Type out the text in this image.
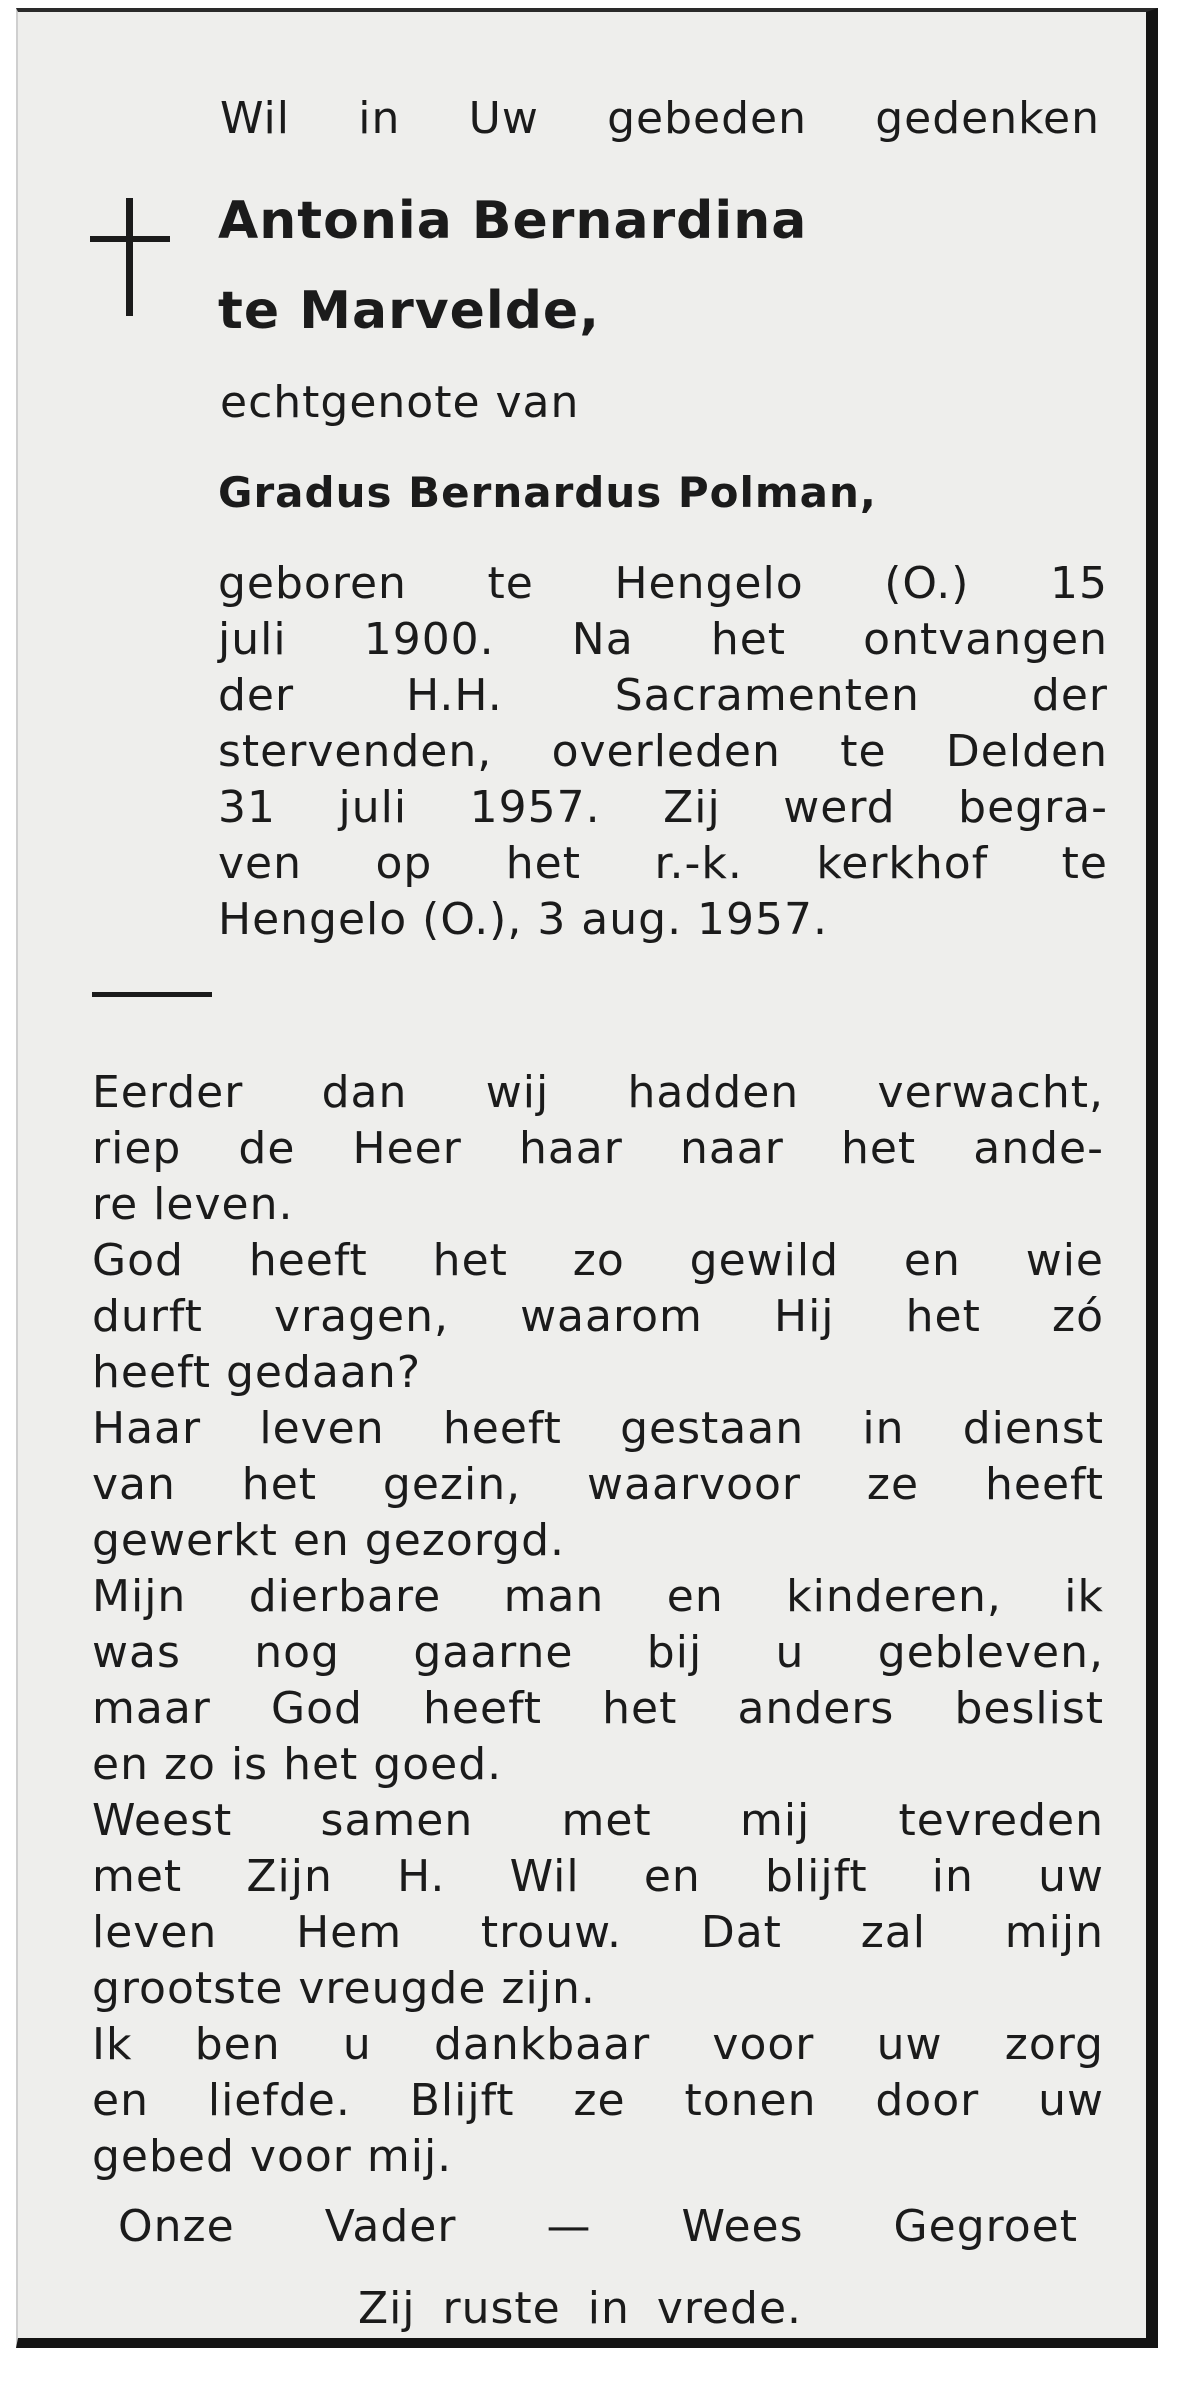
Wil in Uw gebeden gedenken
Antonia Bernardina
te Marvelde,
echtgenote van
Gradus Bernardus Polman,
geboren te Hengelo (O.) 15
juli 1900. Na het ontvangen
der H.H. Sacramenten der
stervenden, overleden te Delden
31 juli 1957. Zij werd begra-
ven op het r.-k. kerkhof te
Hengelo (O.), 3 aug. 1957.
Eerder dan wij hadden verwacht,
riep de Heer haar naar het ande-
re leven.
God heeft het zo gewild en wie
durft vragen, waarom Hij het zó
heeft gedaan?
Haar leven heeft gestaan in dienst
van het gezin, waarvoor ze heeft
gewerkt en gezorgd.
Mijn dierbare man en kinderen, ik
was nog gaarne bij u gebleven,
maar God heeft het anders beslist
en zo is het goed.
Weest samen met mij tevreden
met Zijn H. Wil en blijft in uw
leven Hem trouw. Dat zal mijn
grootste vreugde zijn.
Ik ben u dankbaar voor uw zorg
en liefde. Blijft ze tonen door uw
gebed voor mij.
Onze Vader — Wees Gegroet
Zij ruste in vrede.
